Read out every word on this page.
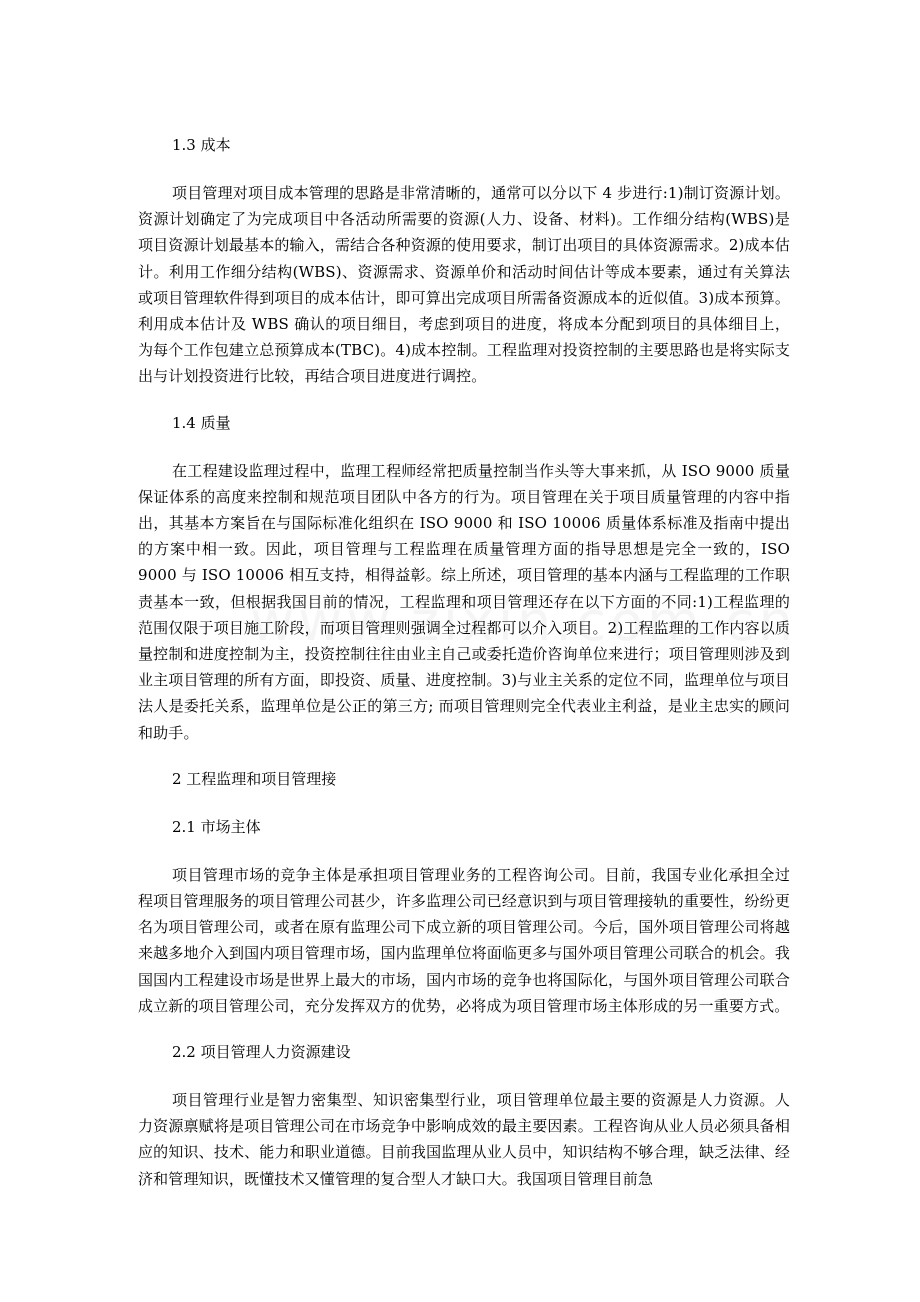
1.3 成本

项目管理对项目成本管理的思路是非常清晰的，通常可以分以下 4 步进行:1)制订资源计划。资源计划确定了为完成项目中各活动所需要的资源(人力、设备、材料)。工作细分结构(WBS)是项目资源计划最基本的输入，需结合各种资源的使用要求，制订出项目的具体资源需求。2)成本估计。利用工作细分结构(WBS)、资源需求、资源单价和活动时间估计等成本要素，通过有关算法或项目管理软件得到项目的成本估计，即可算出完成项目所需备资源成本的近似值。3)成本预算。利用成本估计及 WBS 确认的项目细目，考虑到项目的进度，将成本分配到项目的具体细目上，为每个工作包建立总预算成本(TBC)。4)成本控制。工程监理对投资控制的主要思路也是将实际支出与计划投资进行比较，再结合项目进度进行调控。

1.4 质量

在工程建设监理过程中，监理工程师经常把质量控制当作头等大事来抓，从 ISO 9000 质量保证体系的高度来控制和规范项目团队中各方的行为。项目管理在关于项目质量管理的内容中指出，其基本方案旨在与国际标准化组织在 ISO 9000 和 ISO 10006 质量体系标准及指南中提出的方案中相一致。因此，项目管理与工程监理在质量管理方面的指导思想是完全一致的，ISO 9000 与 ISO 10006 相互支持，相得益彰。综上所述，项目管理的基本内涵与工程监理的工作职责基本一致，但根据我国目前的情况，工程监理和项目管理还存在以下方面的不同:1)工程监理的范围仅限于项目施工阶段，而项目管理则强调全过程都可以介入项目。2)工程监理的工作内容以质量控制和进度控制为主，投资控制往往由业主自己或委托造价咨询单位来进行；项目管理则涉及到业主项目管理的所有方面，即投资、质量、进度控制。3)与业主关系的定位不同，监理单位与项目法人是委托关系，监理单位是公正的第三方; 而项目管理则完全代表业主利益，是业主忠实的顾问和助手。

2 工程监理和项目管理接
2.1 市场主体

项目管理市场的竞争主体是承担项目管理业务的工程咨询公司。目前，我国专业化承担全过程项目管理服务的项目管理公司甚少，许多监理公司已经意识到与项目管理接轨的重要性，纷纷更名为项目管理公司，或者在原有监理公司下成立新的项目管理公司。今后，国外项目管理公司将越来越多地介入到国内项目管理市场，国内监理单位将面临更多与国外项目管理公司联合的机会。我国国内工程建设市场是世界上最大的市场，国内市场的竞争也将国际化，与国外项目管理公司联合成立新的项目管理公司，充分发挥双方的优势，必将成为项目管理市场主体形成的另一重要方式。

2.2 项目管理人力资源建设

项目管理行业是智力密集型、知识密集型行业，项目管理单位最主要的资源是人力资源。人力资源禀赋将是项目管理公司在市场竞争中影响成效的最主要因素。工程咨询从业人员必须具备相应的知识、技术、能力和职业道德。目前我国监理从业人员中，知识结构不够合理，缺乏法律、经济和管理知识，既懂技术又懂管理的复合型人才缺口大。我国项目管理目前急
